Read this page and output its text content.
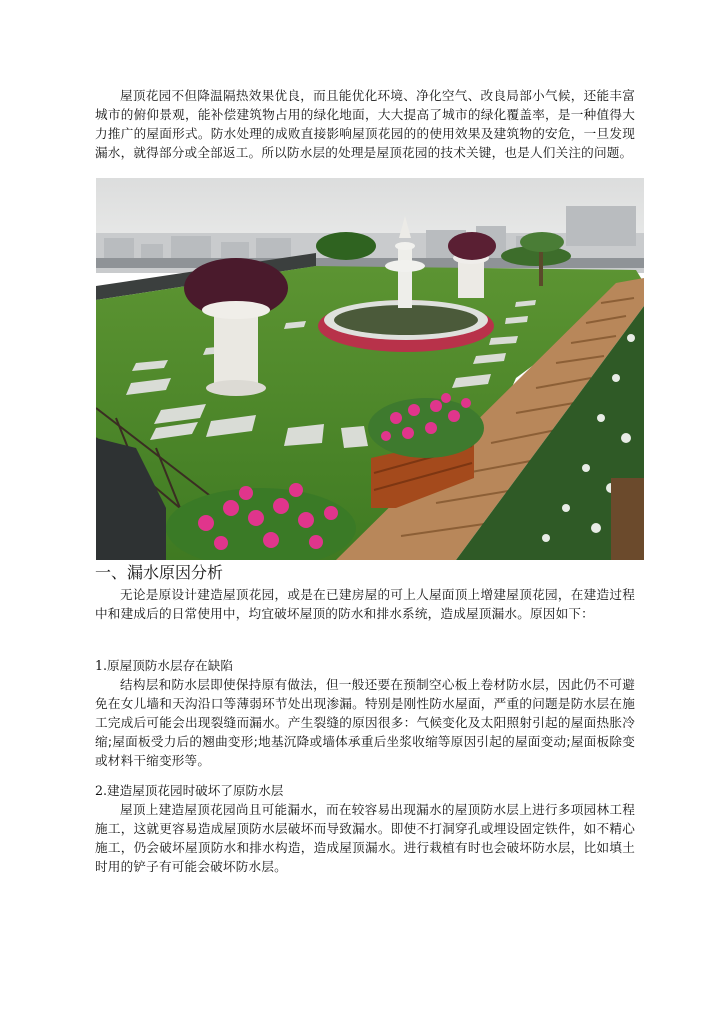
屋顶花园不但降温隔热效果优良，而且能优化环境、净化空气、改良局部小气候，还能丰富城市的俯仰景观，能补偿建筑物占用的绿化地面，大大提高了城市的绿化覆盖率，是一种值得大力推广的屋面形式。防水处理的成败直接影响屋顶花园的的使用效果及建筑物的安危，一旦发现漏水，就得部分或全部返工。所以防水层的处理是屋顶花园的技术关键，也是人们关注的问题。

一、漏水原因分析

无论是原设计建造屋顶花园，或是在已建房屋的可上人屋面顶上增建屋顶花园，在建造过程中和建成后的日常使用中，均宜破坏屋顶的防水和排水系统，造成屋顶漏水。原因如下：

1.原屋顶防水层存在缺陷

结构层和防水层即使保持原有做法，但一般还要在预制空心板上卷材防水层，因此仍不可避免在女儿墙和天沟沿口等薄弱环节处出现渗漏。特别是刚性防水屋面，严重的问题是防水层在施工完成后可能会出现裂缝而漏水。产生裂缝的原因很多：气候变化及太阳照射引起的屋面热胀冷缩;屋面板受力后的翘曲变形;地基沉降或墙体承重后坐浆收缩等原因引起的屋面变动;屋面板除变或材料干缩变形等。

2.建造屋顶花园时破坏了原防水层

屋顶上建造屋顶花园尚且可能漏水，而在较容易出现漏水的屋顶防水层上进行多项园林工程施工，这就更容易造成屋顶防水层破坏而导致漏水。即使不打洞穿孔或埋设固定铁件，如不精心施工，仍会破坏屋顶防水和排水构造，造成屋顶漏水。进行栽植有时也会破坏防水层，比如填土时用的铲子有可能会破坏防水层。
